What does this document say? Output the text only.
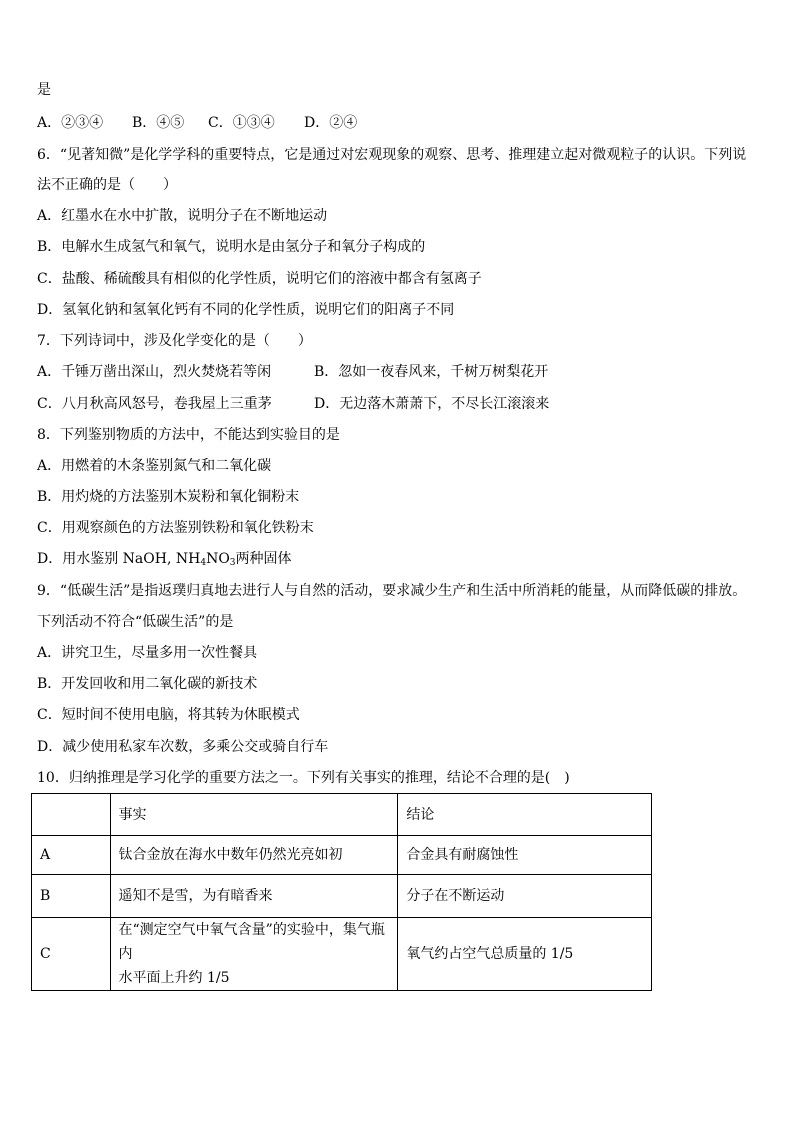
是
A．②③④ B．④⑤ C．①③④ D．②④
6．“见著知微”是化学学科的重要特点，它是通过对宏观现象的观察、思考、推理建立起对微观粒子的认识。下列说
法不正确的是（　　）
A．红墨水在水中扩散，说明分子在不断地运动
B．电解水生成氢气和氧气，说明水是由氢分子和氧分子构成的
C．盐酸、稀硫酸具有相似的化学性质，说明它们的溶液中都含有氢离子
D．氢氧化钠和氢氧化钙有不同的化学性质，说明它们的阳离子不同
7．下列诗词中，涉及化学变化的是（　　）
A．千锤万凿出深山，烈火焚烧若等闲	B．忽如一夜春风来，千树万树梨花开
C．八月秋高风怒号，卷我屋上三重茅	D．无边落木萧萧下，不尽长江滚滚来
8．下列鉴别物质的方法中，不能达到实验目的是
A．用燃着的木条鉴别氮气和二氧化碳
B．用灼烧的方法鉴别木炭粉和氧化铜粉末
C．用观察颜色的方法鉴别铁粉和氧化铁粉末
D．用水鉴别 NaOH, $NH_4NO_3$两种固体
9．“低碳生活”是指返璞归真地去进行人与自然的活动，要求减少生产和生活中所消耗的能量，从而降低碳的排放。
下列活动不符合“低碳生活”的是
A．讲究卫生，尽量多用一次性餐具
B．开发回收和用二氧化碳的新技术
C．短时间不使用电脑，将其转为休眠模式
D．减少使用私家车次数，多乘公交或骑自行车
10．归纳推理是学习化学的重要方法之一。下列有关事实的推理，结论不合理的是(　)
	事实	结论
A	钛合金放在海水中数年仍然光亮如初	合金具有耐腐蚀性
B	遥知不是雪，为有暗香来	分子在不断运动
C	在“测定空气中氧气含量”的实验中，集气瓶内
水平面上升约 1/5	氧气约占空气总质量的 1/5
